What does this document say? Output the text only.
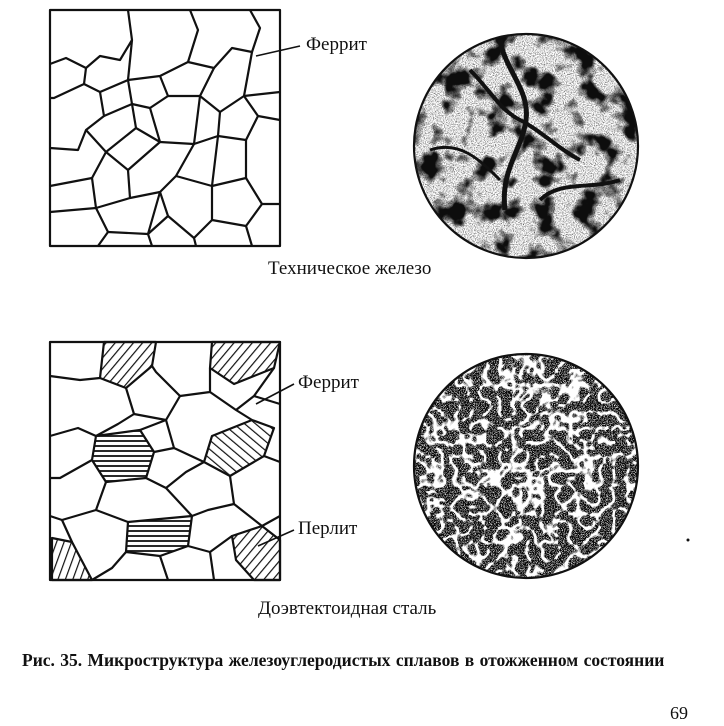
Феррит
Техническое железо
Феррит
Перлит
Доэвтектоидная сталь
Рис. 35. Микроструктура железоуглеродистых сплавов в отожженном состоянии
69
